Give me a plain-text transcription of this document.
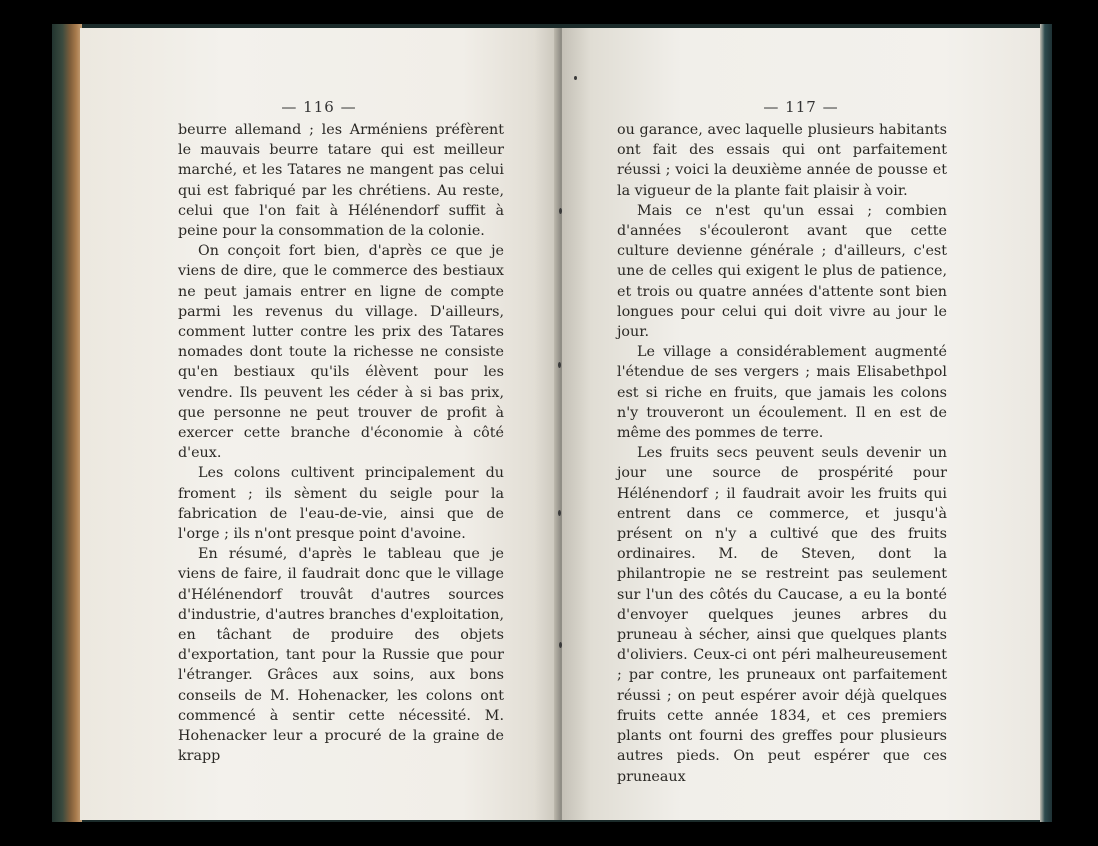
— 116 —

beurre allemand ; les Arméniens préfèrent le mauvais beurre tatare qui est meilleur marché, et les Tatares ne mangent pas celui qui est fabriqué par les chrétiens. Au reste, celui que l'on fait à Hélénendorf suffit à peine pour la consommation de la colonie.

On conçoit fort bien, d'après ce que je viens de dire, que le commerce des bestiaux ne peut jamais entrer en ligne de compte parmi les revenus du village. D'ailleurs, comment lutter contre les prix des Tatares nomades dont toute la richesse ne consiste qu'en bestiaux qu'ils élèvent pour les vendre. Ils peuvent les céder à si bas prix, que personne ne peut trouver de profit à exercer cette branche d'économie à côté d'eux.

Les colons cultivent principalement du froment ; ils sèment du seigle pour la fabrication de l'eau-de-vie, ainsi que de l'orge ; ils n'ont presque point d'avoine.

En résumé, d'après le tableau que je viens de faire, il faudrait donc que le village d'Hélénendorf trouvât d'autres sources d'industrie, d'autres branches d'exploitation, en tâchant de produire des objets d'exportation, tant pour la Russie que pour l'étranger. Grâces aux soins, aux bons conseils de M. Hohenacker, les colons ont commencé à sentir cette nécessité. M. Hohenacker leur a procuré de la graine de krapp

— 117 —

ou garance, avec laquelle plusieurs habitants ont fait des essais qui ont parfaitement réussi ; voici la deuxième année de pousse et la vigueur de la plante fait plaisir à voir.

Mais ce n'est qu'un essai ; combien d'années s'écouleront avant que cette culture devienne générale ; d'ailleurs, c'est une de celles qui exigent le plus de patience, et trois ou quatre années d'attente sont bien longues pour celui qui doit vivre au jour le jour.

Le village a considérablement augmenté l'étendue de ses vergers ; mais Elisabethpol est si riche en fruits, que jamais les colons n'y trouveront un écoulement. Il en est de même des pommes de terre.

Les fruits secs peuvent seuls devenir un jour une source de prospérité pour Hélénendorf ; il faudrait avoir les fruits qui entrent dans ce commerce, et jusqu'à présent on n'y a cultivé que des fruits ordinaires. M. de Steven, dont la philantropie ne se restreint pas seulement sur l'un des côtés du Caucase, a eu la bonté d'envoyer quelques jeunes arbres du pruneau à sécher, ainsi que quelques plants d'oliviers. Ceux-ci ont péri malheureusement ; par contre, les pruneaux ont parfaitement réussi ; on peut espérer avoir déjà quelques fruits cette année 1834, et ces premiers plants ont fourni des greffes pour plusieurs autres pieds. On peut espérer que ces pruneaux
